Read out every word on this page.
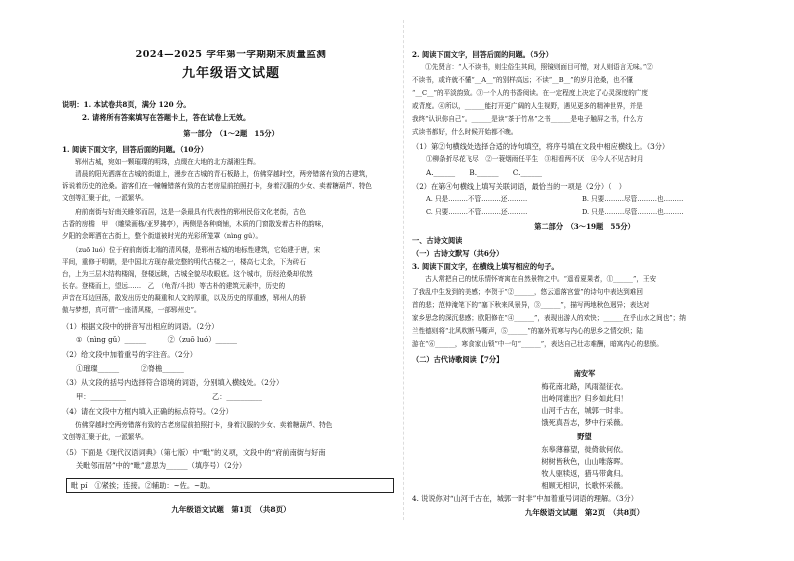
2024—2025 学年第一学期期末质量监测
九年级语文试题
说明：1. 本试卷共8页，满分 120 分。
2. 请将所有答案填写在答题卡上，答在试卷上无效。
第一部分　（1～2题　15分）
1. 阅读下面文字，回答后面的问题。（10分）
　　郓州古城，宛如一颗璀璨的明珠，点缀在大地的北方湖湘生辉。
　　清晨的阳光洒落在古城的街道上，漫步在古城的青石板路上，仿佛穿越时空，两旁错落有致的古建筑，
诉说着历史的沧桑。游客们在一幢幢错落有致的古老房屋前拍照打卡，身着汉服的少女、卖着糖葫芦、特色
文创等汇聚于此，一派繁华。
　　府前南街与好南关睢邻而居，这是一条最具有代表性的郓州民俗文化老街，古色
古香的房檐　甲　（雕梁画栋/亚罗拂亭），两侧是各种商铺，木质的门窗散发着古朴的韵味，
夕阳的余晖洒在古街上，整个街道被时光的光彩所笼罩（nìng gǔ）。
　　（zuō luó）位于府前南街北端的清风楼，是郓州古城的地标性建筑，它始建于唐，宋
平间，重修于明朝，是中国北方现存最完整的明代古楼之一，楼高七丈余，下为砖石
台，上为三层木结构楼阁，登楼远眺，古城全貌尽收眼底。这个城市，历经沧桑却依然
长存。登楼而上，望远……　乙　（龟背/斗拱）等古朴的建筑元素中，历史的
声音在耳边回荡，散发出历史的凝重和人文的厚重，以及历史的厚重感，郓州人的骄
傲与梦想，真可谓“一座清风楼，一部郓州史”。
（1）根据文段中的拼音写出相应的词语。（2分）
①（nìng gǔ）______　　　②（zuō luó）______
（2）给文段中加着重号的字注音。（2分）
①璀璨______　　　②脊檐______
（3）从文段的括号内选择符合语境的词语，分别填入横线处。（2分）
甲：__________	乙：__________
（4）请在文段中方框内填入正确的标点符号。（2分）
　　仿佛穿越时空两旁错落有致的古老房屋前拍照打卡，身着汉服的少女、卖着糖葫芦、特色
文创等汇聚于此，一派繁华。
（5）下面是《现代汉语词典》（第七版）中“毗”的义项，文段中的“府前南街与好南
关毗邻而居”中的“毗”意思为______（填序号）（2分）
毗 pí　①紧挨；连接。②辅助：~佐。~助。
九年级语文试题　第1页　（共8页）
2. 阅读下面文字，回答后面的问题。（5分）
　　①先贤言：“人不读书，则尘俗生其间，照镜则面目可憎，对人则语言无味。”②
不读书，或许就不懂“__A__”的别样高远；不读“__B__”的岁月沧桑，也不懂
“__C__”的平淡韵致。③一个人的书香阅读。在一定程度上决定了心灵深度的广度
或背度。④所以，______能打开更广阔的人生视野，遇见更多的精神世界，并是
我终“认识你自己”。______是读“茶于竹帛”之书______是电子触屏之书，什么方
式读书都好，什么时候开始都不晚。
（1）第②句横线处选择合适的诗句填空，将序号填在文段中相应横线上。（3分）
①柳条折尽花飞尽　②一蓑烟雨任平生　③相看两不厌　④今人不见古时月
A.______　　B.______　　C.______
（2）在第④句横线上填写关联词语，最恰当的一项是（2分）（　）
A. 只是………不管………还………	B. 只要………尽管………也………
C. 只要………不管………还………	D. 只是………尽管………也………
第二部分　（3～19题　55分）
一、古诗文阅读
（一）古诗文默写（共6分）
3. 阅读下面文字，在横线上填写相应的句子。
　　古人常把自己的忧乐情怀寄寓在自然景物之中。“遥看夏果者，①______”，王安
了我乱中生发到的美感；李贺于“②______，悠云遥落宫萤”的诗句中表达到难回
首的悲；范仲淹笔下的“塞下秋来风景异，③______”，描写两地秋色迥异；表达对
家乡思念的深沉悲感；欧阳修在“④______”，表现出游人的欢快；______在乎山水之间也”；纳
兰性德则将“北风吹断马嘶声，⑤______”的塞外荒寒与内心的思乡之情交织；陆
游在“⑥______，寒食家山锁”中一句“______”，表达自己壮志难酬，暗寓内心的悲愤。
（二）古代诗歌阅读【7分】
南安军
梅花南北路，风雨湿征衣。
出岭同谁出？归乡如此归！
山河千古在，城郭一时非。
饿死真吾志，梦中行采薇。
野望
东皋薄暮望，徙倚欲何依。
树树皆秋色，山山唯落晖。
牧人驱犊返，猎马带禽归。
相顾无相识，长歌怀采薇。
4. 说说你对“山河千古在，城郭一时非”中加着重号词语的理解。（3分）
九年级语文试题　第2页　（共8页）
